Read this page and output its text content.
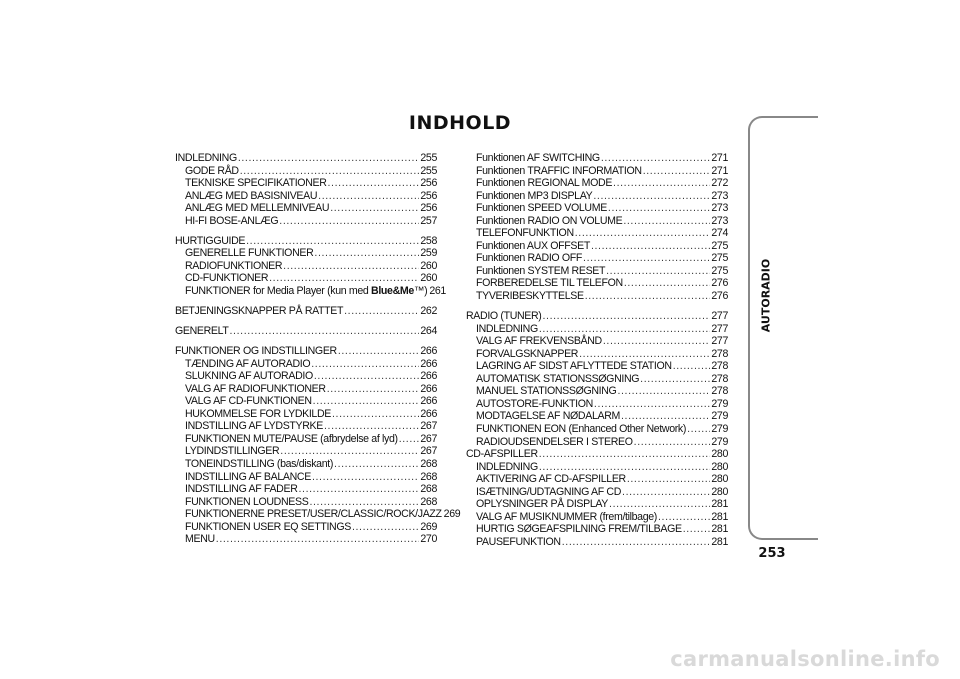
INDHOLD
INDLEDNING .....	255
GODE RÅD .....	255
TEKNISKE SPECIFIKATIONER .....	256
ANLÆG MED BASISNIVEAU .....	256
ANLÆG MED MELLEMNIVEAU .....	256
HI-FI BOSE-ANLÆG .....	257
HURTIGGUIDE .....	258
GENERELLE FUNKTIONER .....	259
RADIOFUNKTIONER .....	260
CD-FUNKTIONER .....	260
FUNKTIONER for Media Player (kun med Blue&Me™) 261
BETJENINGSKNAPPER PÅ RATTET .....	262
GENERELT .....	264
FUNKTIONER OG INDSTILLINGER .....	266
TÆNDING AF AUTORADIO .....	266
SLUKNING AF AUTORADIO .....	266
VALG AF RADIOFUNKTIONER .....	266
VALG AF CD-FUNKTIONEN .....	266
HUKOMMELSE FOR LYDKILDE .....	266
INDSTILLING AF LYDSTYRKE .....	267
FUNKTIONEN MUTE/PAUSE (afbrydelse af lyd) ..... 267
LYDINDSTILLINGER .....	267
TONEINDSTILLING (bas/diskant) .....	268
INDSTILLING AF BALANCE .....	268
INDSTILLING AF FADER .....	268
FUNKTIONEN LOUDNESS .....	268
FUNKTIONERNE PRESET/USER/CLASSIC/ROCK/JAZZ 269
FUNKTIONEN USER EQ SETTINGS .....	269
MENU .....	270
Funktionen AF SWITCHING .....	271
Funktionen TRAFFIC INFORMATION .....	271
Funktionen REGIONAL MODE .....	272
Funktionen MP3 DISPLAY .....	273
Funktionen SPEED VOLUME .....	273
Funktionen RADIO ON VOLUME .....	273
TELEFONFUNKTION .....	274
Funktionen AUX OFFSET .....	275
Funktionen RADIO OFF .....	275
Funktionen SYSTEM RESET .....	275
FORBEREDELSE TIL TELEFON .....	276
TYVERIBESKYTTELSE .....	276
RADIO (TUNER) .....	277
INDLEDNING .....	277
VALG AF FREKVENSBÅND .....	277
FORVALGSKNAPPER .....	278
LAGRING AF SIDST AFLYTTEDE STATION .....	278
AUTOMATISK STATIONSSØGNING .....	278
MANUEL STATIONSSØGNING .....	278
AUTOSTORE-FUNKTION .....	279
MODTAGELSE AF NØDALARM .....	279
FUNKTIONEN EON (Enhanced Other Network) ..... 279
RADIOUDSENDELSER I STEREO .....	279
CD-AFSPILLER .....	280
INDLEDNING .....	280
AKTIVERING AF CD-AFSPILLER .....	280
ISÆTNING/UDTAGNING AF CD .....	280
OPLYSNINGER PÅ DISPLAY .....	281
VALG AF MUSIKNUMMER (frem/tilbage) .....	281
HURTIG SØGEAFSPILNING FREM/TILBAGE .....	281
PAUSEFUNKTION .....	281
AUTORADIO
253
carmanualsonline.info
